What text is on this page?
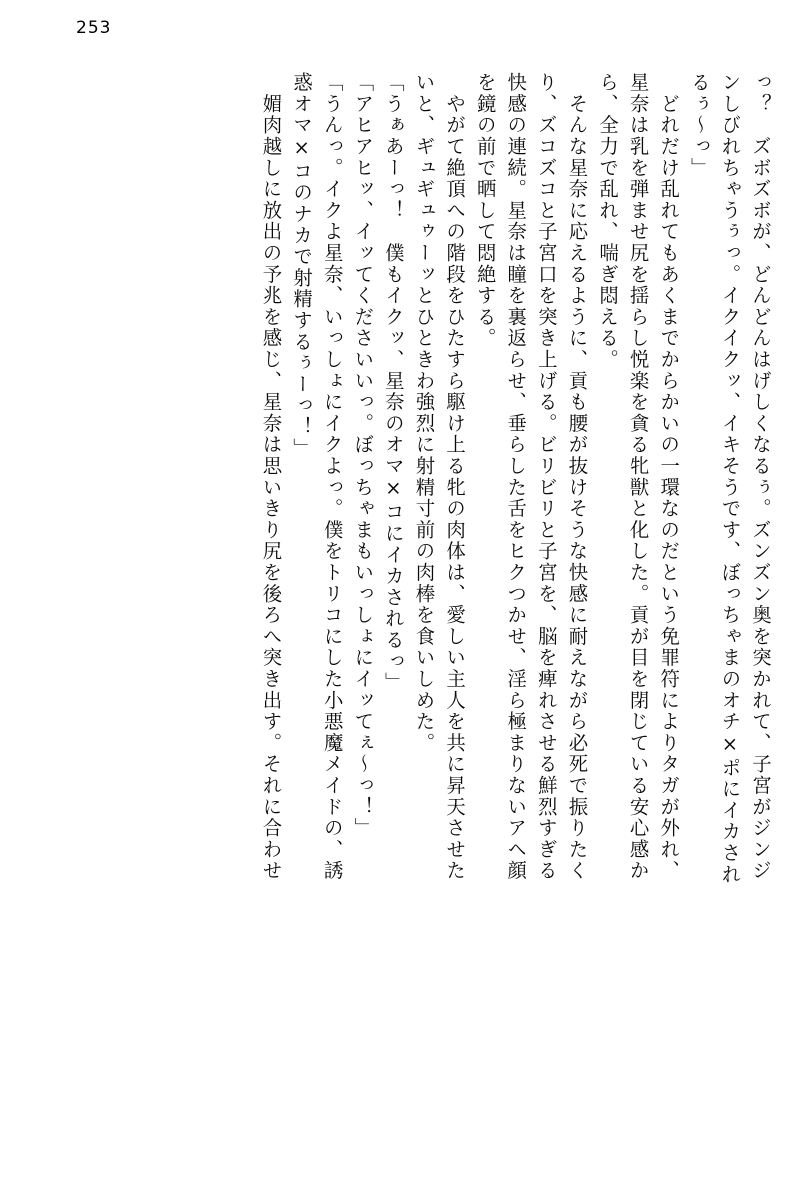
253
っ？　ズボズボが、どんどんはげしくなるぅ。ズンズン奥を突かれて、子宮がジンジ
ンしびれちゃうぅっ。イクイクッ、イキそうです、ぼっちゃまのオチ×ポにイカされ
るぅ～っ」
　どれだけ乱れてもあくまでからかいの一環なのだという免罪符によりタガが外れ、
星奈は乳を弾ませ尻を揺らし悦楽を貪る牝獣と化した。貢が目を閉じている安心感か
ら、全力で乱れ、喘ぎ悶える。
　そんな星奈に応えるように、貢も腰が抜けそうな快感に耐えながら必死で振りたく
り、ズコズコと子宮口を突き上げる。ビリビリと子宮を、脳を痺れさせる鮮烈すぎる
快感の連続。星奈は瞳を裏返らせ、垂らした舌をヒクつかせ、淫ら極まりないアヘ顔
を鏡の前で晒して悶絶する。
　やがて絶頂への階段をひたすら駆け上る牝の肉体は、愛しい主人を共に昇天させた
いと、ギュギュゥーッとひときわ強烈に射精寸前の肉棒を食いしめた。
「うぁあーっ！　僕もイクッ、星奈のオマ×コにイカされるっ」
「アヒアヒッ、イッてくださいいっ。ぼっちゃまもいっしょにイッてぇ～っ！」
「うんっ。イクよ星奈、いっしょにイクよっ。僕をトリコにした小悪魔メイドの、誘
惑オマ×コのナカで射精するぅーっ！」
　媚肉越しに放出の予兆を感じ、星奈は思いきり尻を後ろへ突き出す。それに合わせ
